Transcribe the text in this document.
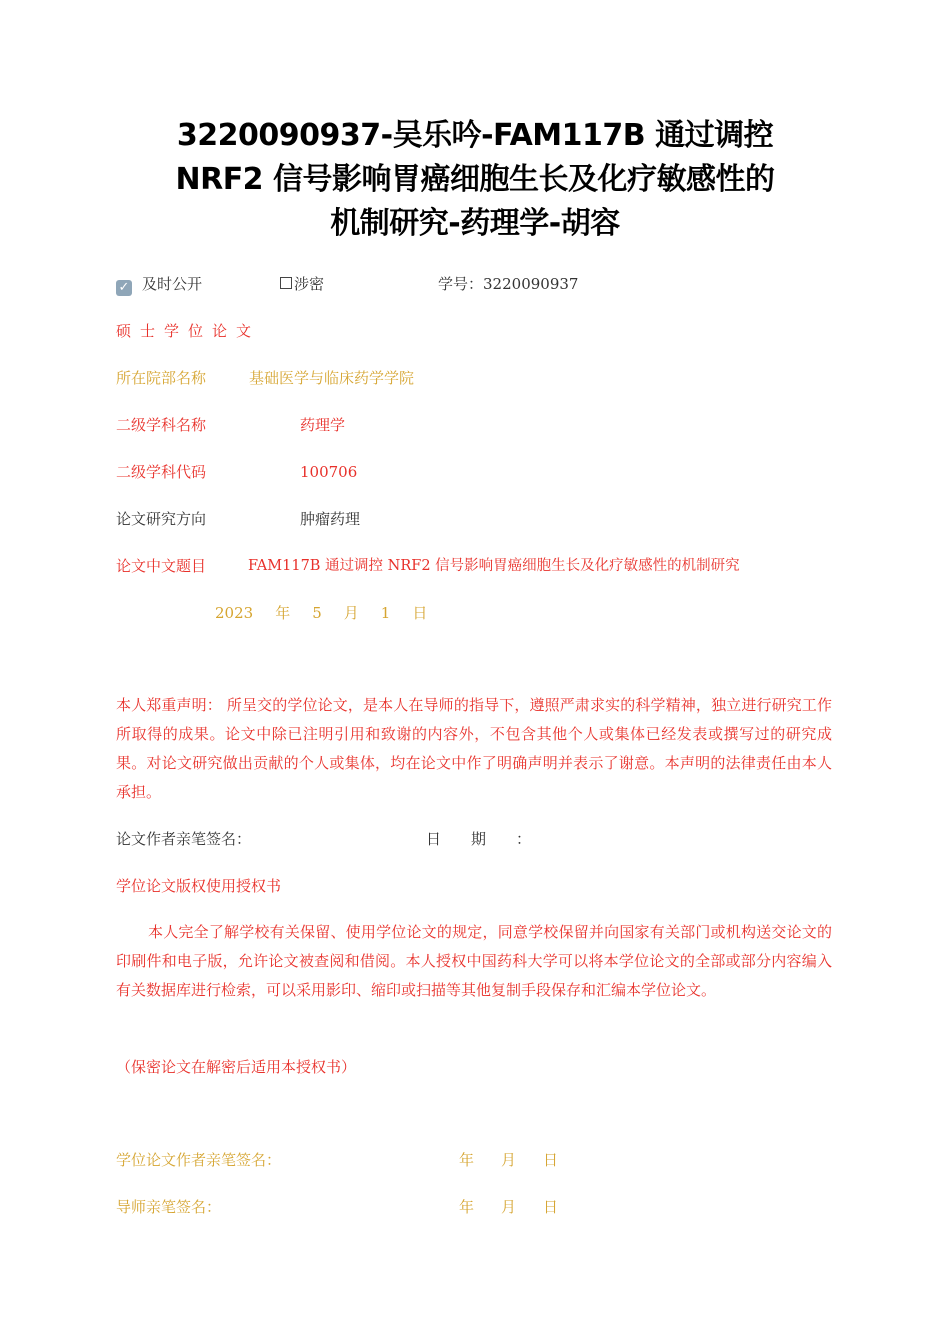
3220090937-吴乐吟-FAM117B 通过调控
NRF2 信号影响胃癌细胞生长及化疗敏感性的
机制研究-药理学-胡容
✓ 及时公开	涉密	学号：3220090937
硕士学位论文
所在院部名称	基础医学与临床药学学院
二级学科名称	药理学
二级学科代码	100706
论文研究方向	肿瘤药理
论文中文题目	FAM117B 通过调控 NRF2 信号影响胃癌细胞生长及化疗敏感性的机制研究
2023 年 5 月 1 日
本人郑重声明： 所呈交的学位论文，是本人在导师的指导下，遵照严肃求实的科学精神，独立进行研究工作所取得的成果。论文中除已注明引用和致谢的内容外，不包含其他个人或集体已经发表或撰写过的研究成果。对论文研究做出贡献的个人或集体，均在论文中作了明确声明并表示了谢意。本声明的法律责任由本人承担。
论文作者亲笔签名：	日　　期　　：
学位论文版权使用授权书
本人完全了解学校有关保留、使用学位论文的规定，同意学校保留并向国家有关部门或机构送交论文的印刷件和电子版，允许论文被查阅和借阅。本人授权中国药科大学可以将本学位论文的全部或部分内容编入有关数据库进行检索，可以采用影印、缩印或扫描等其他复制手段保存和汇编本学位论文。
（保密论文在解密后适用本授权书）
学位论文作者亲笔签名：	年 月 日
导师亲笔签名：	年 月 日
